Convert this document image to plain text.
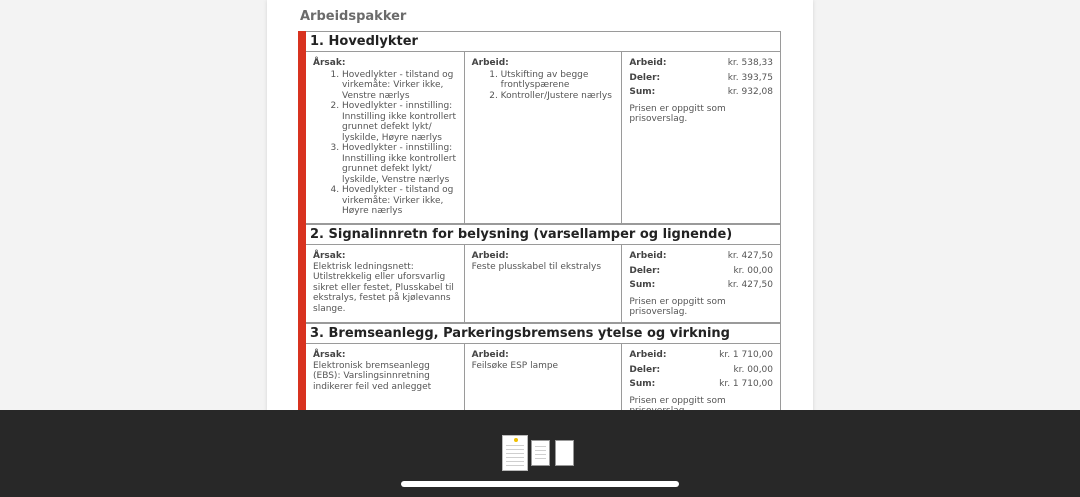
Arbeidspakker
1. Hovedlykter
Årsak:
1. Hovedlykter - tilstand og virkemåte: Virker ikke, Venstre nærlys
2. Hovedlykter - innstilling: Innstilling ikke kontrollert grunnet defekt lykt/ lyskilde, Høyre nærlys
3. Hovedlykter - innstilling: Innstilling ikke kontrollert grunnet defekt lykt/ lyskilde, Venstre nærlys
4. Hovedlykter - tilstand og virkemåte: Virker ikke, Høyre nærlys
Arbeid:
1. Utskifting av begge frontlyspærene
2. Kontroller/Justere nærlys
Arbeid:	kr. 538,33
Deler:	kr. 393,75
Sum:	kr. 932,08
Prisen er oppgitt som prisoverslag.
2. Signalinnretn for belysning (varsellamper og lignende)
Årsak:
Elektrisk ledningsnett: Utilstrekkelig eller uforsvarlig sikret eller festet, Plusskabel til ekstralys, festet på kjølevanns slange.
Arbeid:
Feste plusskabel til ekstralys
Arbeid:	kr. 427,50
Deler:	kr. 00,00
Sum:	kr. 427,50
Prisen er oppgitt som prisoverslag.
3. Bremseanlegg, Parkeringsbremsens ytelse og virkning
Årsak:
Elektronisk bremseanlegg (EBS): Varslingsinnretning indikerer feil ved anlegget
Arbeid:
Feilsøke ESP lampe
Arbeid:	kr. 1 710,00
Deler:	kr. 00,00
Sum:	kr. 1 710,00
Prisen er oppgitt som
